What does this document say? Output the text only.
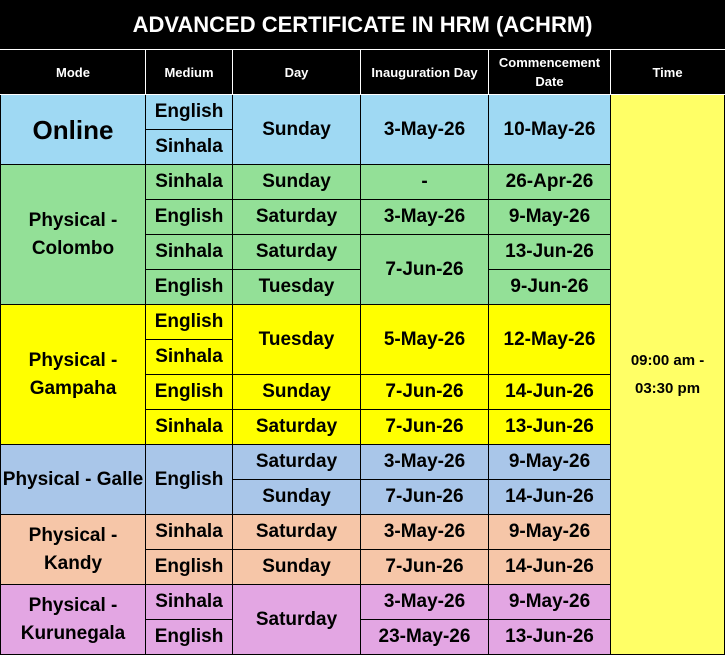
ADVANCED CERTIFICATE IN HRM (ACHRM)					
Mode	Medium	Day	Inauguration Day	Commencement Date	Time
Online	English	Sunday	3-May-26	10-May-26	09:00 am - 03:30 pm
	Sinhala				
Physical - Colombo	Sinhala	Sunday	-	26-Apr-26	
	English	Saturday	3-May-26	9-May-26	
	Sinhala	Saturday	7-Jun-26	13-Jun-26	
	English	Tuesday		9-Jun-26	
Physical - Gampaha	English	Tuesday	5-May-26	12-May-26	
	Sinhala				
	English	Sunday	7-Jun-26	14-Jun-26	
	Sinhala	Saturday	7-Jun-26	13-Jun-26	
Physical - Galle	English	Saturday	3-May-26	9-May-26	
		Sunday	7-Jun-26	14-Jun-26	
Physical - Kandy	Sinhala	Saturday	3-May-26	9-May-26	
	English	Sunday	7-Jun-26	14-Jun-26	
Physical - Kurunegala	Sinhala	Saturday	3-May-26	9-May-26	
	English		23-May-26	13-Jun-26	
